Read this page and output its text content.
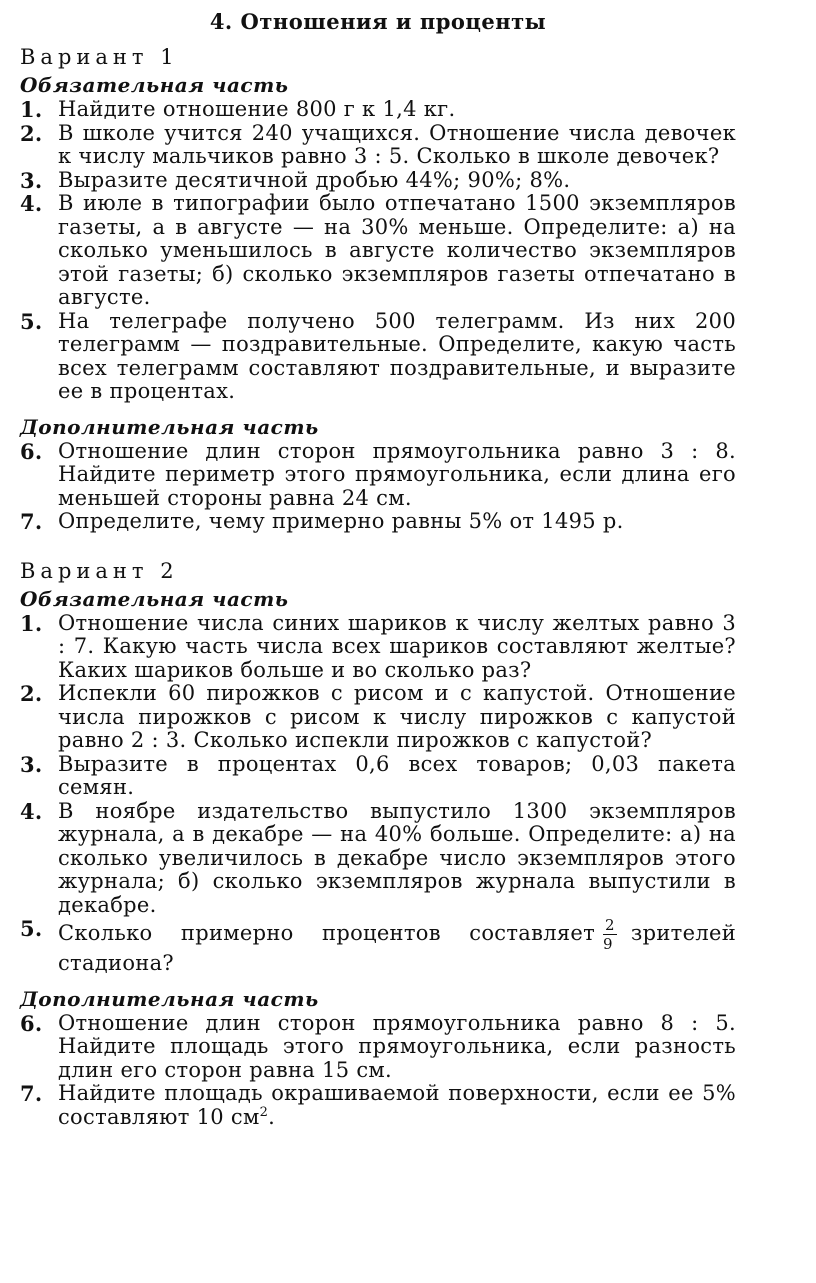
4. Отношения и проценты
Вариант 1
Обязательная часть
1. Найдите отношение 800 г к 1,4 кг.
2. В школе учится 240 учащихся. Отношение числа девочек к числу мальчиков равно 3 : 5. Сколько в школе девочек?
3. Выразите десятичной дробью 44%; 90%; 8%.
4. В июле в типографии было отпечатано 1500 экземпляров газеты, а в августе — на 30% меньше. Определите: а) на сколько уменьшилось в августе количество экземпляров этой газеты; б) сколько экземпляров газеты отпечатано в августе.
5. На телеграфе получено 500 телеграмм. Из них 200 телеграмм — поздравительные. Определите, какую часть всех телеграмм составляют поздравительные, и выразите ее в процентах.
Дополнительная часть
6. Отношение длин сторон прямоугольника равно 3 : 8. Найдите периметр этого прямоугольника, если длина его меньшей стороны равна 24 см.
7. Определите, чему примерно равны 5% от 1495 р.
Вариант 2
Обязательная часть
1. Отношение числа синих шариков к числу желтых равно 3 : 7. Какую часть числа всех шариков составляют желтые? Каких шариков больше и во сколько раз?
2. Испекли 60 пирожков с рисом и с капустой. Отношение числа пирожков с рисом к числу пирожков с капустой равно 2 : 3. Сколько испекли пирожков с капустой?
3. Выразите в процентах 0,6 всех товаров; 0,03 пакета семян.
4. В ноябре издательство выпустило 1300 экземпляров журнала, а в декабре — на 40% больше. Определите: а) на сколько увеличилось в декабре число экземпляров этого журнала; б) сколько экземпляров журнала выпустили в декабре.
5. Сколько примерно процентов составляет $\frac{2}{9}$ зрителей стадиона?
Дополнительная часть
6. Отношение длин сторон прямоугольника равно 8 : 5. Найдите площадь этого прямоугольника, если разность длин его сторон равна 15 см.
7. Найдите площадь окрашиваемой поверхности, если ее 5% составляют 10 $см^2$.
